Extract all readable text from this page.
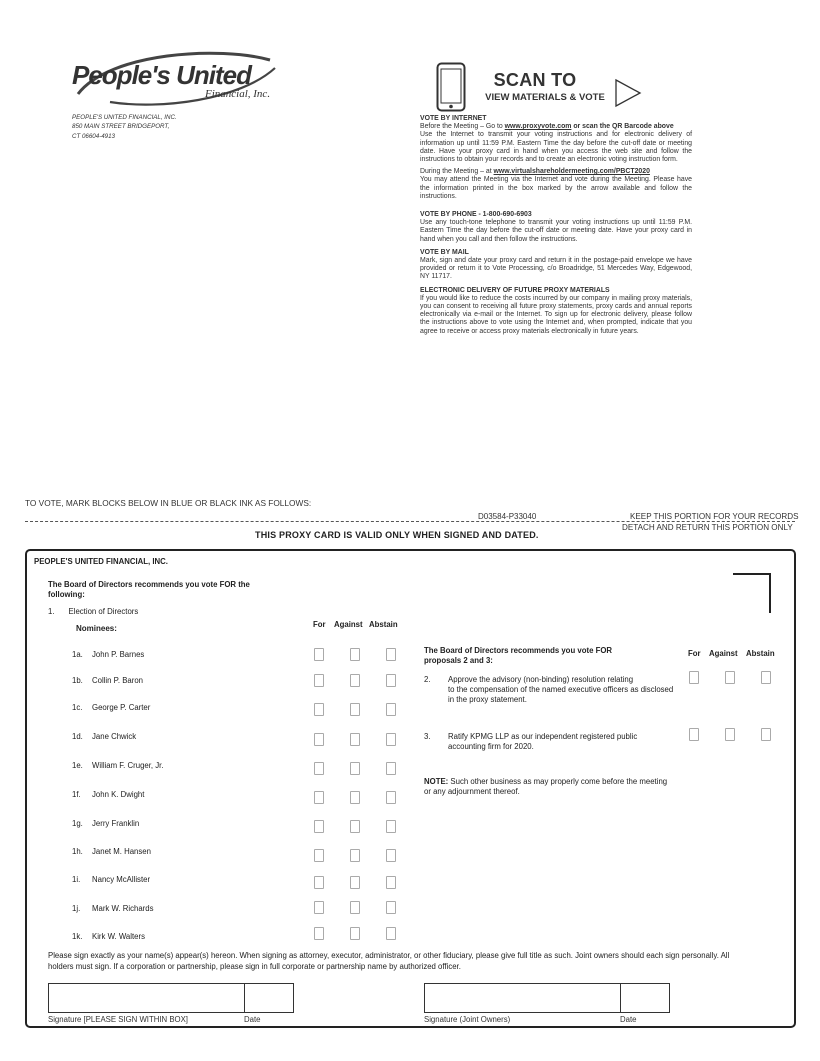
People's United
Financial, Inc.
PEOPLE'S UNITED FINANCIAL, INC.
850 MAIN STREET BRIDGEPORT,
CT 06604-4913
SCAN TO
VIEW MATERIALS & VOTE
VOTE BY INTERNET

Before the Meeting – Go to www.proxyvote.com or scan the QR Barcode above

Use the Internet to transmit your voting instructions and for electronic delivery of information up until 11:59 P.M. Eastern Time the day before the cut-off date or meeting date. Have your proxy card in hand when you access the web site and follow the instructions to obtain your records and to create an electronic voting instruction form.

During the Meeting – at www.virtualshareholdermeeting.com/PBCT2020

You may attend the Meeting via the Internet and vote during the Meeting. Please have the information printed in the box marked by the arrow available and follow the instructions.

VOTE BY PHONE - 1-800-690-6903

Use any touch-tone telephone to transmit your voting instructions up until 11:59 P.M. Eastern Time the day before the cut-off date or meeting date. Have your proxy card in hand when you call and then follow the instructions.

VOTE BY MAIL

Mark, sign and date your proxy card and return it in the postage-paid envelope we have provided or return it to Vote Processing, c/o Broadridge, 51 Mercedes Way, Edgewood, NY 11717.

ELECTRONIC DELIVERY OF FUTURE PROXY MATERIALS

If you would like to reduce the costs incurred by our company in mailing proxy materials, you can consent to receiving all future proxy statements, proxy cards and annual reports electronically via e-mail or the Internet. To sign up for electronic delivery, please follow the instructions above to vote using the Internet and, when prompted, indicate that you agree to receive or access proxy materials electronically in future years.

TO VOTE, MARK BLOCKS BELOW IN BLUE OR BLACK INK AS FOLLOWS:
D03584-P33040	KEEP THIS PORTION FOR YOUR RECORDS
DETACH AND RETURN THIS PORTION ONLY
THIS PROXY CARD IS VALID ONLY WHEN SIGNED AND DATED.
PEOPLE'S UNITED FINANCIAL, INC.
The Board of Directors recommends you vote FOR the following:
1. Election of Directors
Nominees:	For Against Abstain
1a. John P. Barnes
1b. Collin P. Baron
1c. George P. Carter
1d. Jane Chwick
1e. William F. Cruger, Jr.
1f. John K. Dwight
1g. Jerry Franklin
1h. Janet M. Hansen
1i. Nancy McAllister
1j. Mark W. Richards
1k. Kirk W. Walters
The Board of Directors recommends you vote FOR proposals 2 and 3:
For Against Abstain
2. Approve the advisory (non-binding) resolution relating
to the compensation of the named executive officers as disclosed in the proxy statement.
3. Ratify KPMG LLP as our independent registered public
accounting firm for 2020.
NOTE: Such other business as may properly come before the meeting or any adjournment thereof.
Please sign exactly as your name(s) appear(s) hereon. When signing as attorney, executor, administrator, or other fiduciary, please give full title as such. Joint owners should each sign personally. All holders must sign. If a corporation or partnership, please sign in full corporate or partnership name by authorized officer.
Signature [PLEASE SIGN WITHIN BOX]	Date	Signature (Joint Owners)	Date
